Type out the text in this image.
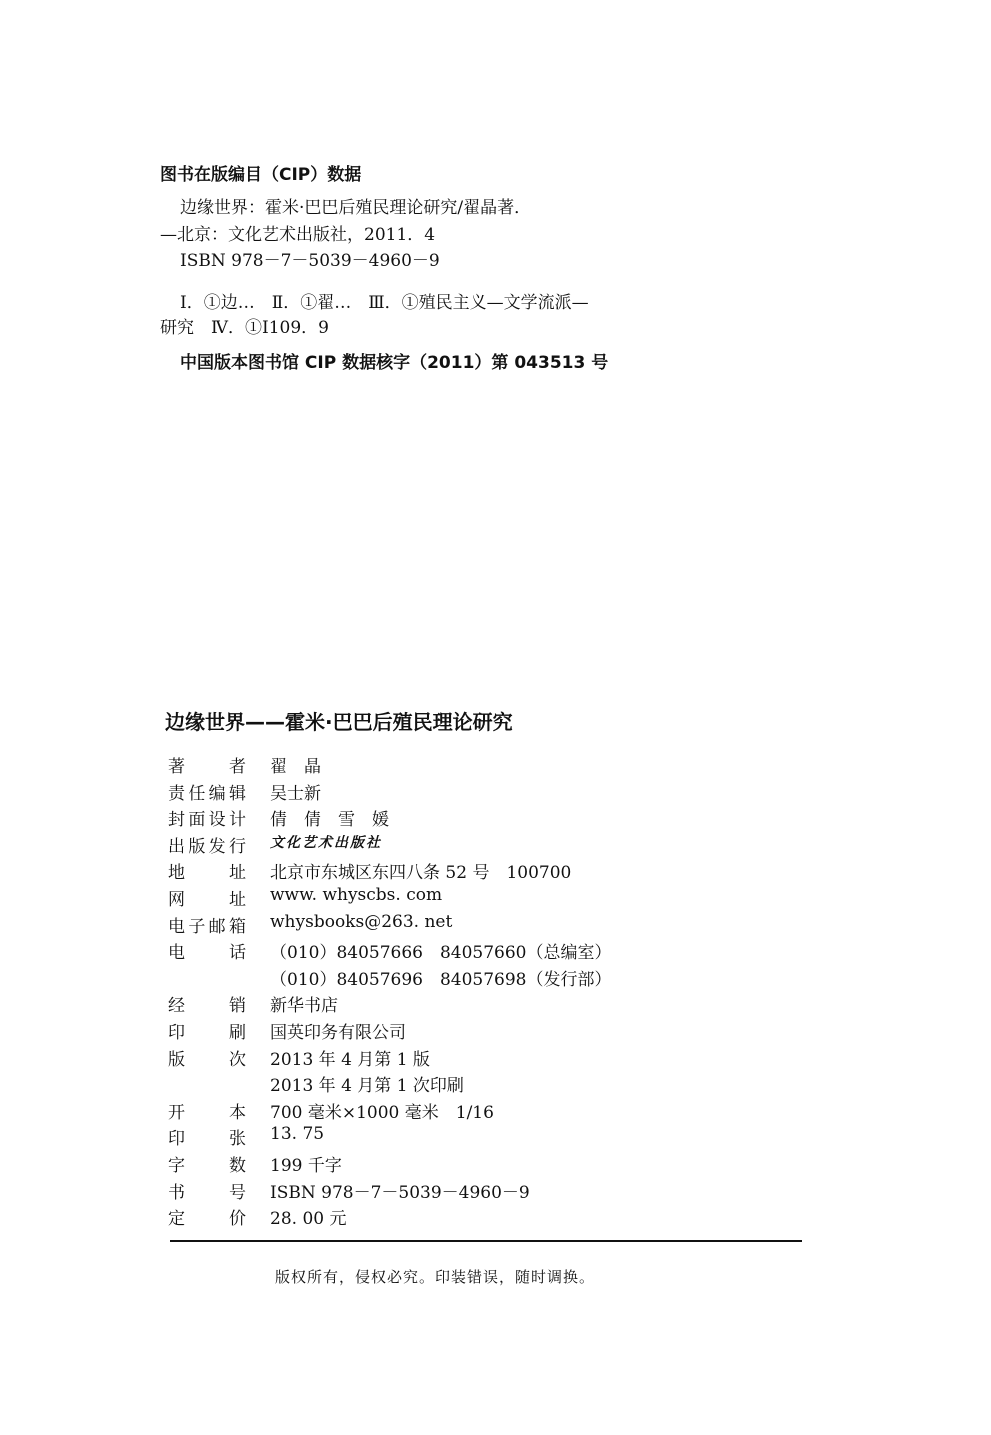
图书在版编目（CIP）数据
边缘世界：霍米·巴巴后殖民理论研究/翟晶著．
—北京：文化艺术出版社，2011．4
ISBN 978－7－5039－4960－9
Ⅰ．①边…　Ⅱ．①翟…　Ⅲ．①殖民主义—文学流派—
研究　Ⅳ．①I109．9
中国版本图书馆 CIP 数据核字（2011）第 043513 号
边缘世界——霍米·巴巴后殖民理论研究
著	者 翟　晶
责 任 编 辑 吴士新
封 面 设 计 倩　倩　雪　媛
出 版 发 行 文化艺术出版社
地	址 北京市东城区东四八条 52 号　100700
网	址 www. whyscbs. com
电 子 邮 箱 whysbooks@263. net
电	话 （010）84057666　84057660（总编室）
（010）84057696　84057698（发行部）
经	销 新华书店
印	刷 国英印务有限公司
版	次 2013 年 4 月第 1 版
2013 年 4 月第 1 次印刷
开	本 700 毫米×1000 毫米　1/16
印	张 13. 75
字	数 199 千字
书	号 ISBN 978－7－5039－4960－9
定	价 28. 00 元
版权所有，侵权必究。印装错误，随时调换。
